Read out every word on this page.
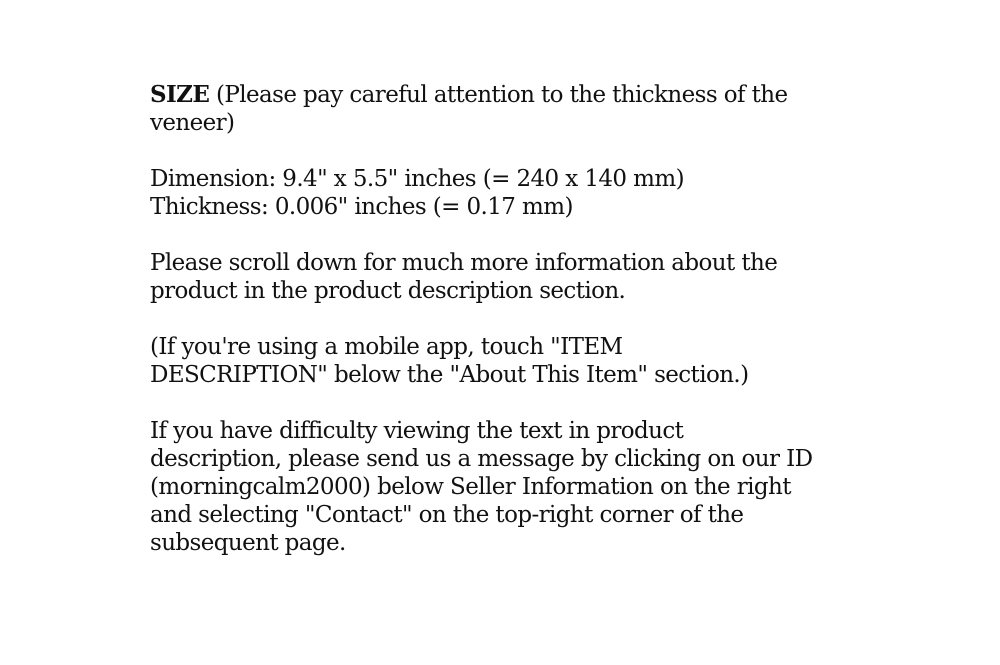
SIZE (Please pay careful attention to the thickness of the
veneer)

Dimension: 9.4" x 5.5" inches (= 240 x 140 mm)
Thickness: 0.006" inches (= 0.17 mm)

Please scroll down for much more information about the
product in the product description section.

(If you're using a mobile app, touch "ITEM
DESCRIPTION" below the "About This Item" section.)

If you have difficulty viewing the text in product
description, please send us a message by clicking on our ID
(morningcalm2000) below Seller Information on the right
and selecting "Contact" on the top-right corner of the
subsequent page.
